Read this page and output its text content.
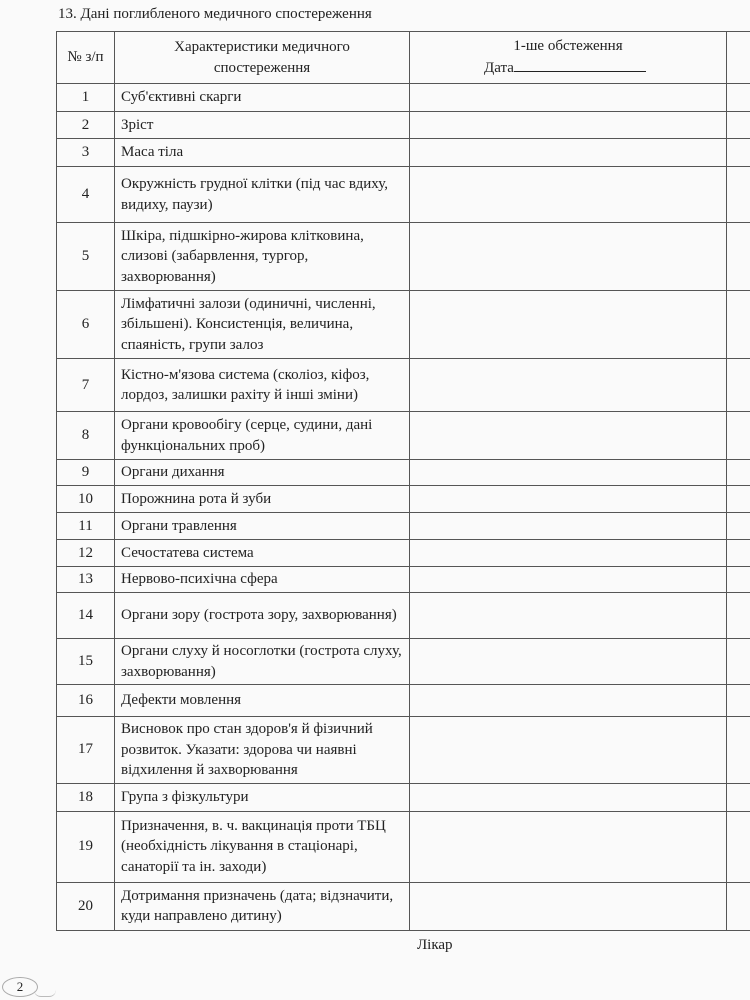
13. Дані поглибленого медичного спостереження
№ з/п	Характеристики медичного спостереження	1-ше обстеження
Дата	

1	Суб'єктивні скарги		
2	Зріст		
3	Маса тіла		
4	Окружність грудної клітки (під час вдиху, видиху, паузи)		
5	Шкіра, підшкірно-жирова клітковина, слизові (забарвлення, тургор, захворювання)		
6	Лімфатичні залози (одиничні, численні, збільшені). Консистенція, величина, спаяність, групи залоз		
7	Кістно-м'язова система (сколіоз, кіфоз, лордоз, залишки рахіту й інші зміни)		
8	Органи кровообігу (серце, судини, дані функціональних проб)		
9	Органи дихання		
10	Порожнина рота й зуби		
11	Органи травлення		
12	Сечостатева система		
13	Нервово-психічна сфера		
14	Органи зору (гострота зору, захворювання)		
15	Органи слуху й носоглотки (гострота слуху, захворювання)		
16	Дефекти мовлення		
17	Висновок про стан здоров'я й фізичний розвиток. Указати: здорова чи наявні відхилення й захворювання		
18	Група з фізкультури		
19	Призначення, в. ч. вакцинація проти ТБЦ (необхідність лікування в стаціонарі, санаторії та ін. заходи)		
20	Дотримання призначень (дата; відзначити, куди направлено дитину)		
Лікар
2
